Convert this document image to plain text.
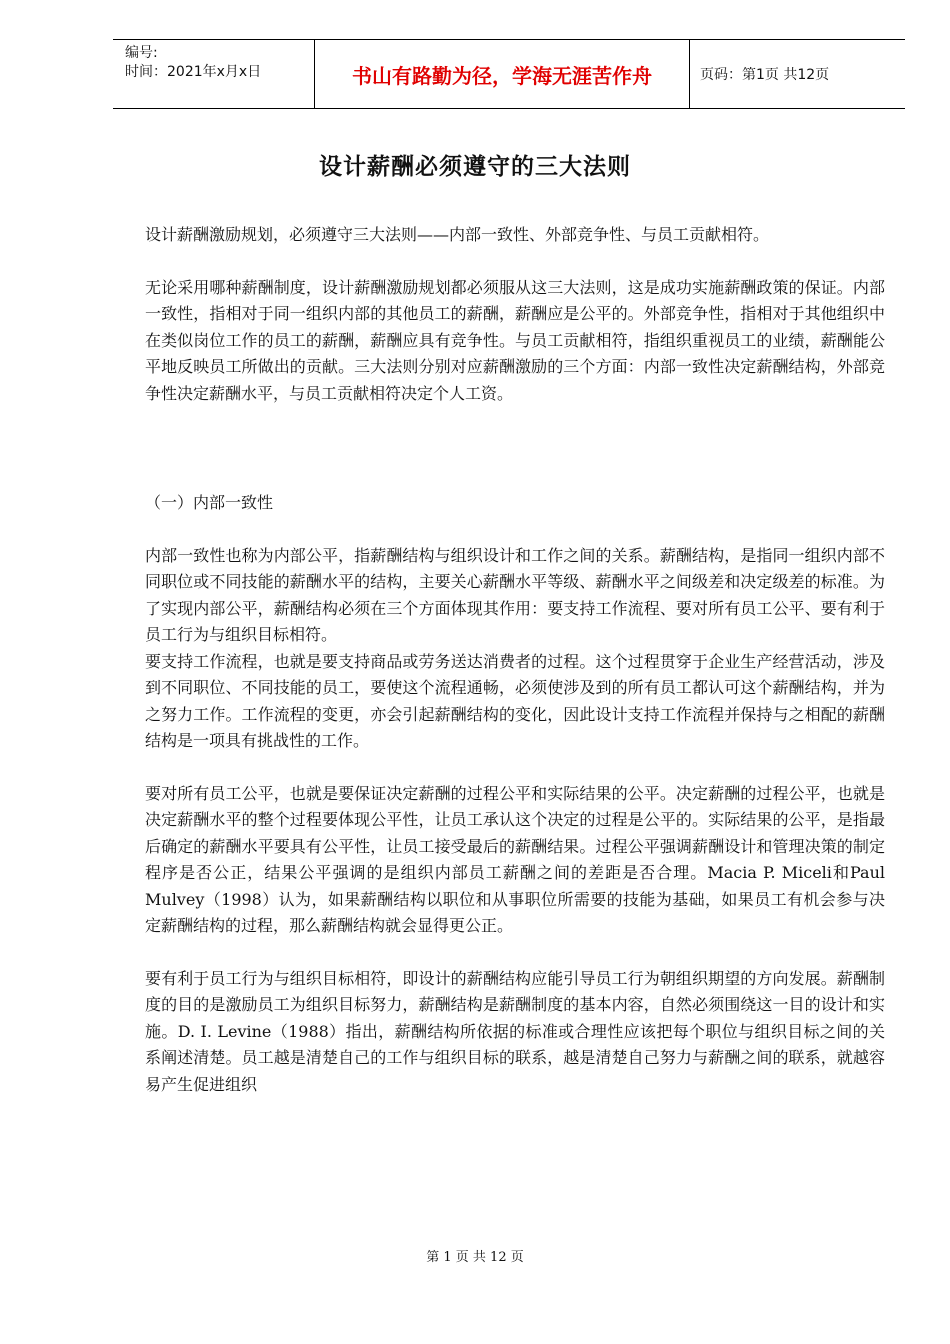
编号:
时间：2021年x月x日	书山有路勤为径，学海无涯苦作舟	页码：第1页 共12页
设计薪酬必须遵守的三大法则

设计薪酬激励规划，必须遵守三大法则——内部一致性、外部竞争性、与员工贡献相符。

无论采用哪种薪酬制度，设计薪酬激励规划都必须服从这三大法则，这是成功实施薪酬政策的保证。内部一致性，指相对于同一组织内部的其他员工的薪酬，薪酬应是公平的。外部竞争性，指相对于其他组织中在类似岗位工作的员工的薪酬，薪酬应具有竞争性。与员工贡献相符，指组织重视员工的业绩，薪酬能公平地反映员工所做出的贡献。三大法则分别对应薪酬激励的三个方面：内部一致性决定薪酬结构，外部竞争性决定薪酬水平，与员工贡献相符决定个人工资。

（一）内部一致性

内部一致性也称为内部公平，指薪酬结构与组织设计和工作之间的关系。薪酬结构，是指同一组织内部不同职位或不同技能的薪酬水平的结构，主要关心薪酬水平等级、薪酬水平之间级差和决定级差的标准。为了实现内部公平，薪酬结构必须在三个方面体现其作用：要支持工作流程、要对所有员工公平、要有利于员工行为与组织目标相符。

要支持工作流程，也就是要支持商品或劳务送达消费者的过程。这个过程贯穿于企业生产经营活动，涉及到不同职位、不同技能的员工，要使这个流程通畅，必须使涉及到的所有员工都认可这个薪酬结构，并为之努力工作。工作流程的变更，亦会引起薪酬结构的变化，因此设计支持工作流程并保持与之相配的薪酬结构是一项具有挑战性的工作。

要对所有员工公平，也就是要保证决定薪酬的过程公平和实际结果的公平。决定薪酬的过程公平，也就是决定薪酬水平的整个过程要体现公平性，让员工承认这个决定的过程是公平的。实际结果的公平，是指最后确定的薪酬水平要具有公平性，让员工接受最后的薪酬结果。过程公平强调薪酬设计和管理决策的制定程序是否公正，结果公平强调的是组织内部员工薪酬之间的差距是否合理。Macia P. Miceli和Paul Mulvey（1998）认为，如果薪酬结构以职位和从事职位所需要的技能为基础，如果员工有机会参与决定薪酬结构的过程，那么薪酬结构就会显得更公正。

要有利于员工行为与组织目标相符，即设计的薪酬结构应能引导员工行为朝组织期望的方向发展。薪酬制度的目的是激励员工为组织目标努力，薪酬结构是薪酬制度的基本内容，自然必须围绕这一目的设计和实施。D. I. Levine（1988）指出，薪酬结构所依据的标准或合理性应该把每个职位与组织目标之间的关系阐述清楚。员工越是清楚自己的工作与组织目标的联系，越是清楚自己努力与薪酬之间的联系，就越容易产生促进组织

第 1 页 共 12 页
